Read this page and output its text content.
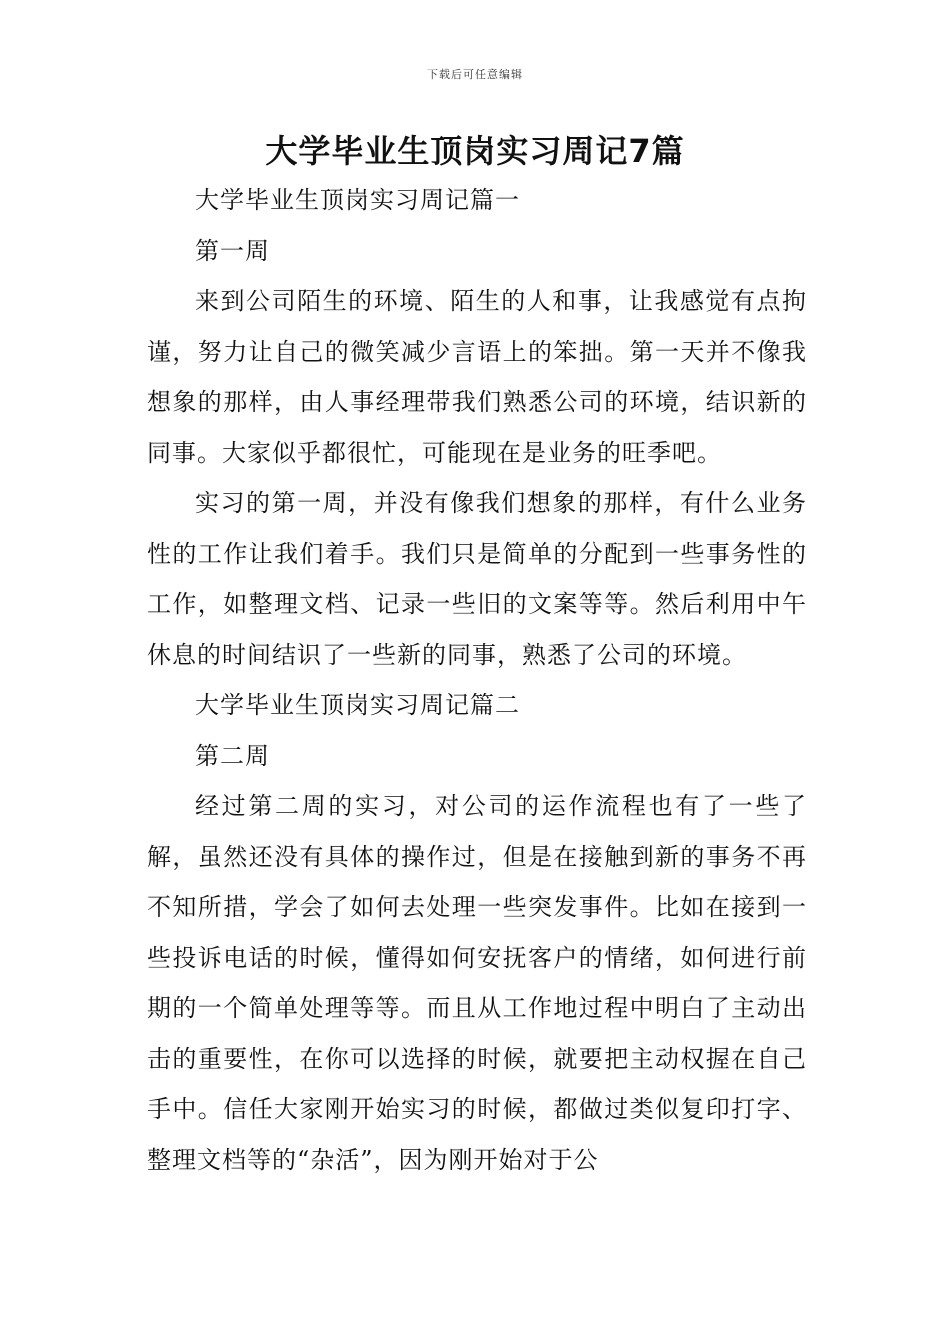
下载后可任意编辑
大学毕业生顶岗实习周记7篇

大学毕业生顶岗实习周记篇一

第一周

来到公司陌生的环境、陌生的人和事，让我感觉有点拘谨，努力让自己的微笑减少言语上的笨拙。第一天并不像我想象的那样，由人事经理带我们熟悉公司的环境，结识新的同事。大家似乎都很忙，可能现在是业务的旺季吧。

实习的第一周，并没有像我们想象的那样，有什么业务性的工作让我们着手。我们只是简单的分配到一些事务性的工作，如整理文档、记录一些旧的文案等等。然后利用中午休息的时间结识了一些新的同事，熟悉了公司的环境。

大学毕业生顶岗实习周记篇二

第二周

经过第二周的实习，对公司的运作流程也有了一些了解，虽然还没有具体的操作过，但是在接触到新的事务不再不知所措，学会了如何去处理一些突发事件。比如在接到一些投诉电话的时候，懂得如何安抚客户的情绪，如何进行前期的一个简单处理等等。而且从工作地过程中明白了主动出击的重要性，在你可以选择的时候，就要把主动权握在自己手中。信任大家刚开始实习的时候，都做过类似复印打字、整理文档等的“杂活”，因为刚开始对于公
